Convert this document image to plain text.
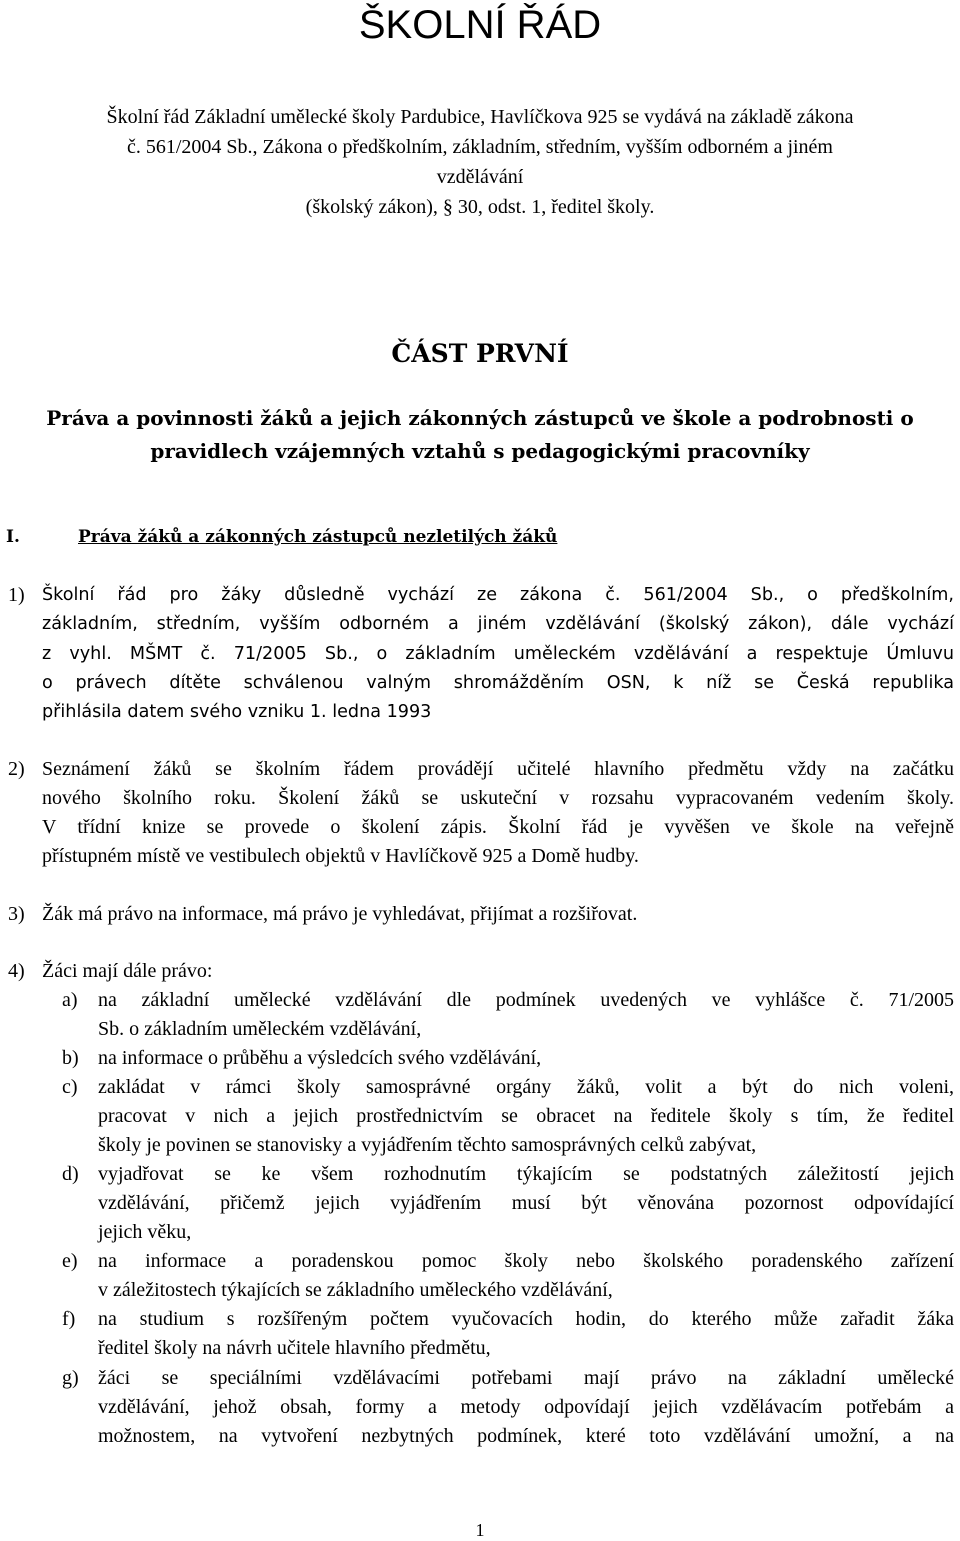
ŠKOLNÍ ŘÁD

Školní řád Základní umělecké školy Pardubice, Havlíčkova 925 se vydává na základě zákona
č. 561/2004 Sb., Zákona o předškolním, základním, středním, vyšším odborném a jiném
vzdělávání
(školský zákon), § 30, odst. 1, ředitel školy.

ČÁST PRVNÍ

Práva a povinnosti žáků a jejich zákonných zástupců ve škole a podrobnosti o
pravidlech vzájemných vztahů s pedagogickými pracovníky

I.	Práva žáků a zákonných zástupců nezletilých žáků
1) Školní řád pro žáky důsledně vychází ze zákona č. 561/2004 Sb., o předškolním,
základním, středním, vyšším odborném a jiném vzdělávání (školský zákon), dále vychází
z vyhl. MŠMT č. 71/2005 Sb., o základním uměleckém vzdělávání a respektuje Úmluvu
o právech dítěte schválenou valným shromážděním OSN, k níž se Česká republika
přihlásila datem svého vzniku 1. ledna 1993
2) Seznámení žáků se školním řádem provádějí učitelé hlavního předmětu vždy na začátku
nového školního roku. Školení žáků se uskuteční v rozsahu vypracovaném vedením školy.
V třídní knize se provede o školení zápis. Školní řád je vyvěšen ve škole na veřejně
přístupném místě ve vestibulech objektů v Havlíčkově 925 a Domě hudby.
3) Žák má právo na informace, má právo je vyhledávat, přijímat a rozšiřovat.
4) Žáci mají dále právo:
a) na základní umělecké vzdělávání dle podmínek uvedených ve vyhlášce č. 71/2005
Sb. o základním uměleckém vzdělávání,
b) na informace o průběhu a výsledcích svého vzdělávání,
c) zakládat v rámci školy samosprávné orgány žáků, volit a být do nich voleni,
pracovat v nich a jejich prostřednictvím se obracet na ředitele školy s tím, že ředitel
školy je povinen se stanovisky a vyjádřením těchto samosprávných celků zabývat,
d) vyjadřovat se ke všem rozhodnutím týkajícím se podstatných záležitostí jejich
vzdělávání, přičemž jejich vyjádřením musí být věnována pozornost odpovídající
jejich věku,
e) na informace a poradenskou pomoc školy nebo školského poradenského zařízení
v záležitostech týkajících se základního uměleckého vzdělávání,
f) na studium s rozšířeným počtem vyučovacích hodin, do kterého může zařadit žáka
ředitel školy na návrh učitele hlavního předmětu,
g) žáci se speciálními vzdělávacími potřebami mají právo na základní umělecké
vzdělávání, jehož obsah, formy a metody odpovídají jejich vzdělávacím potřebám a
možnostem, na vytvoření nezbytných podmínek, které toto vzdělávání umožní, a na

1
